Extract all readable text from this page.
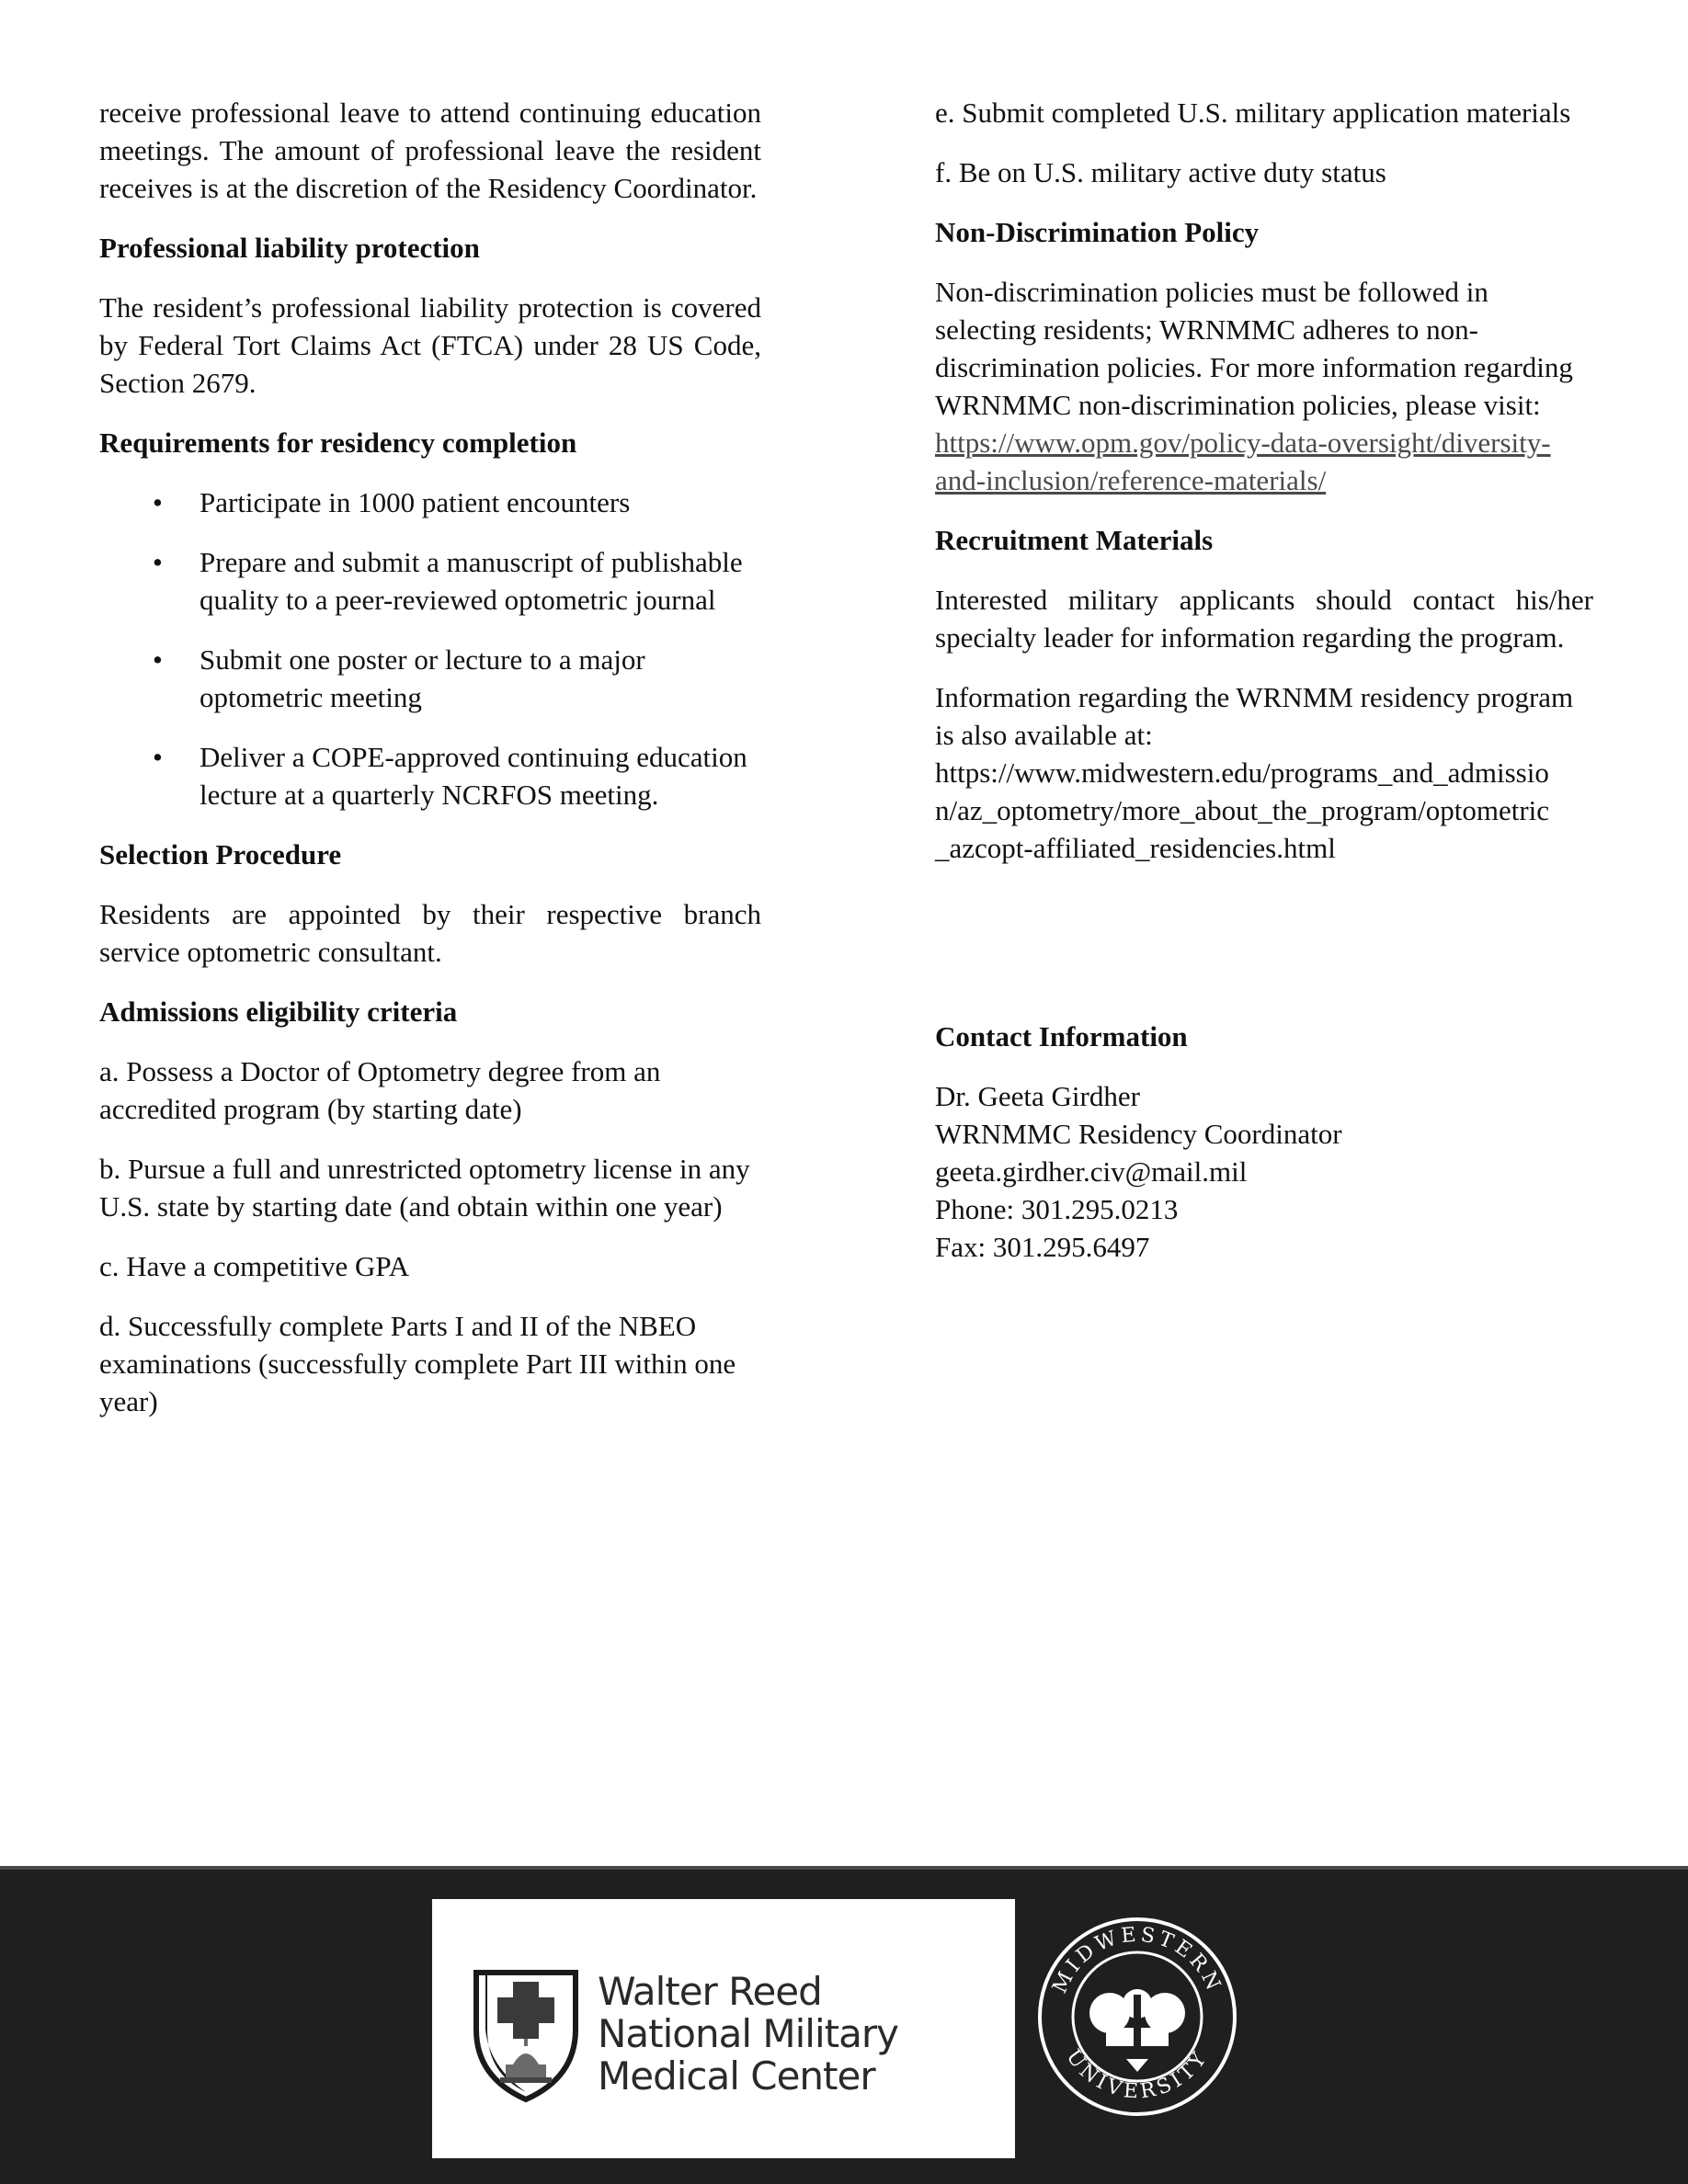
receive professional leave to attend continuing education meetings. The amount of professional leave the resident receives is at the discretion of the Residency Coordinator.

Professional liability protection

The resident’s professional liability protection is covered by Federal Tort Claims Act (FTCA) under 28 US Code, Section 2679.

Requirements for residency completion
• Participate in 1000 patient encounters
• Prepare and submit a manuscript of publishable quality to a peer-reviewed optometric journal
• Submit one poster or lecture to a major optometric meeting
• Deliver a COPE-approved continuing education lecture at a quarterly NCRFOS meeting.
Selection Procedure

Residents are appointed by their respective branch service optometric consultant.

Admissions eligibility criteria

a. Possess a Doctor of Optometry degree from an accredited program (by starting date)

b. Pursue a full and unrestricted optometry license in any U.S. state by starting date (and obtain within one year)

c. Have a competitive GPA

d. Successfully complete Parts I and II of the NBEO examinations (successfully complete Part III within one year)

e. Submit completed U.S. military application materials

f. Be on U.S. military active duty status

Non-Discrimination Policy

Non-discrimination policies must be followed in selecting residents; WRNMMC adheres to non-discrimination policies. For more information regarding WRNMMC non-discrimination policies, please visit: https://www.opm.gov/policy-data-oversight/diversity-and-inclusion/reference-materials/

Recruitment Materials

Interested military applicants should contact his/her specialty leader for information regarding the program.

Information regarding the WRNMM residency program is also available at:
https://www.midwestern.edu/programs_and_admissio
n/az_optometry/more_about_the_program/optometric
_azcopt-affiliated_residencies.html

Contact Information

Dr. Geeta Girdher

WRNMMC Residency Coordinator

geeta.girdher.civ@mail.mil

Phone: 301.295.0213

Fax: 301.295.6497

Walter Reed
National Military
Medical Center
MIDWESTERN
UNIVERSITY
